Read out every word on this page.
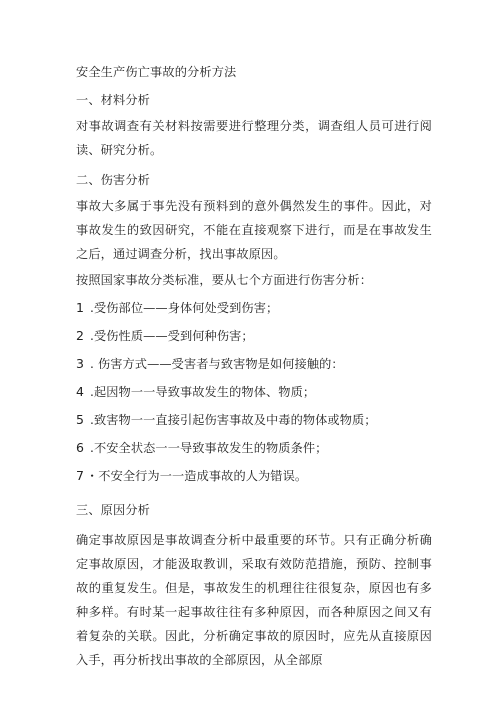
安全生产伤亡事故的分析方法
一、材料分析
对事故调查有关材料按需要进行整理分类，调查组人员可进行阅读、研究分析。
二、伤害分析
事故大多属于事先没有预料到的意外偶然发生的事件。因此，对事故发生的致因研究，不能在直接观察下进行，而是在事故发生之后，通过调查分析，找出事故原因。
按照国家事故分类标准，要从七个方面进行伤害分析：
1 .受伤部位——身体何处受到伤害；
2 .受伤性质——受到何种伤害；
3 . 伤害方式——受害者与致害物是如何接触的：
4 .起因物一一导致事故发生的物体、物质；
5 .致害物一一直接引起伤害事故及中毒的物体或物质；
6 .不安全状态一一导致事故发生的物质条件；
7 ・不安全行为一一造成事故的人为错误。
三、原因分析
确定事故原因是事故调查分析中最重要的环节。只有正确分析确定事故原因，才能汲取教训，采取有效防范措施，预防、控制事故的重复发生。但是，事故发生的机理往往很复杂，原因也有多种多样。有时某一起事故往往有多种原因，而各种原因之间又有着复杂的关联。因此，分析确定事故的原因时，应先从直接原因入手，再分析找出事故的全部原因，从全部原
